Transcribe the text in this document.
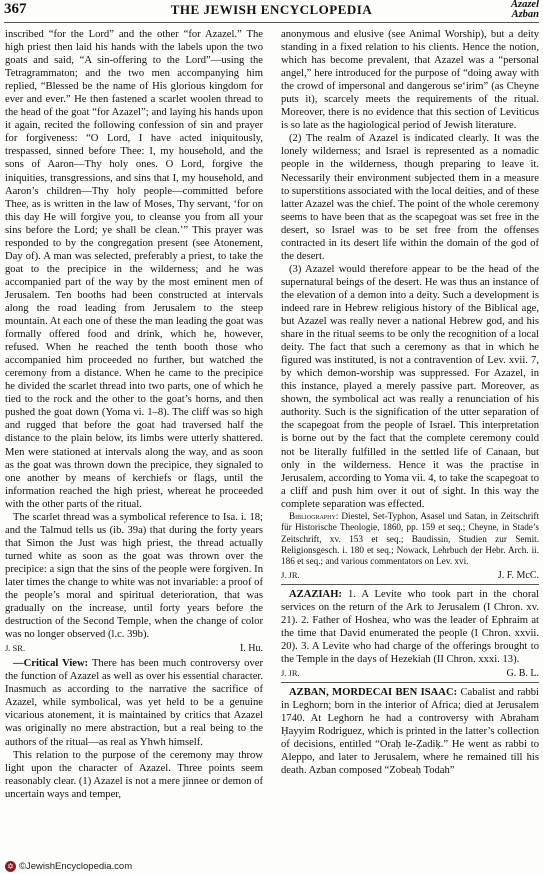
367	THE JEWISH ENCYCLOPEDIA	Azazel
Azban

inscribed “for the Lord” and the other “for Azazel.” The high priest then laid his hands with the labels upon the two goats and said, “A sin-offering to the Lord”—using the Tetragrammaton; and the two men accompanying him replied, “Blessed be the name of His glorious kingdom for ever and ever.” He then fastened a scarlet woolen thread to the head of the goat “for Azazel”; and laying his hands upon it again, recited the following confession of sin and prayer for forgiveness: “O Lord, I have acted iniquitously, trespassed, sinned before Thee: I, my household, and the sons of Aaron—Thy holy ones. O Lord, forgive the iniquities, transgressions, and sins that I, my household, and Aaron’s children—Thy holy people—committed before Thee, as is written in the law of Moses, Thy servant, ‘for on this day He will forgive you, to cleanse you from all your sins before the Lord; ye shall be clean.’” This prayer was responded to by the congregation present (see Atonement, Day of). A man was selected, preferably a priest, to take the goat to the precipice in the wilderness; and he was accompanied part of the way by the most eminent men of Jerusalem. Ten booths had been constructed at intervals along the road leading from Jerusalem to the steep mountain. At each one of these the man leading the goat was formally offered food and drink, which he, however, refused. When he reached the tenth booth those who accompanied him proceeded no further, but watched the ceremony from a distance. When he came to the precipice he divided the scarlet thread into two parts, one of which he tied to the rock and the other to the goat’s horns, and then pushed the goat down (Yoma vi. 1–8). The cliff was so high and rugged that before the goat had traversed half the distance to the plain below, its limbs were utterly shattered. Men were stationed at intervals along the way, and as soon as the goat was thrown down the precipice, they signaled to one another by means of kerchiefs or flags, until the information reached the high priest, whereat he proceeded with the other parts of the ritual.

The scarlet thread was a symbolical reference to Isa. i. 18; and the Talmud tells us (ib. 39a) that during the forty years that Simon the Just was high priest, the thread actually turned white as soon as the goat was thrown over the precipice: a sign that the sins of the people were forgiven. In later times the change to white was not invariable: a proof of the people’s moral and spiritual deterioration, that was gradually on the increase, until forty years before the destruction of the Second Temple, when the change of color was no longer observed (l.c. 39b).

J. SR.	I. Hu.

—Critical View: There has been much controversy over the function of Azazel as well as over his essential character. Inasmuch as according to the narrative the sacrifice of Azazel, while symbolical, was yet held to be a genuine vicarious atonement, it is maintained by critics that Azazel was originally no mere abstraction, but a real being to the authors of the ritual—as real as Yhwh himself.

This relation to the purpose of the ceremony may throw light upon the character of Azazel. Three points seem reasonably clear. (1) Azazel is not a mere jinnee or demon of uncertain ways and temper,

anonymous and elusive (see Animal Worship), but a deity standing in a fixed relation to his clients. Hence the notion, which has become prevalent, that Azazel was a “personal angel,” here introduced for the purpose of “doing away with the crowd of impersonal and dangerous se‘irim” (as Cheyne puts it), scarcely meets the requirements of the ritual. Moreover, there is no evidence that this section of Leviticus is so late as the hagiological period of Jewish literature.

(2) The realm of Azazel is indicated clearly. It was the lonely wilderness; and Israel is represented as a nomadic people in the wilderness, though preparing to leave it. Necessarily their environment subjected them in a measure to superstitions associated with the local deities, and of these latter Azazel was the chief. The point of the whole ceremony seems to have been that as the scapegoat was set free in the desert, so Israel was to be set free from the offenses contracted in its desert life within the domain of the god of the desert.

(3) Azazel would therefore appear to be the head of the supernatural beings of the desert. He was thus an instance of the elevation of a demon into a deity. Such a development is indeed rare in Hebrew religious history of the Biblical age, but Azazel was really never a national Hebrew god, and his share in the ritual seems to be only the recognition of a local deity. The fact that such a ceremony as that in which he figured was instituted, is not a contravention of Lev. xvii. 7, by which demon-worship was suppressed. For Azazel, in this instance, played a merely passive part. Moreover, as shown, the symbolical act was really a renunciation of his authority. Such is the signification of the utter separation of the scapegoat from the people of Israel. This interpretation is borne out by the fact that the complete ceremony could not be literally fulfilled in the settled life of Canaan, but only in the wilderness. Hence it was the practise in Jerusalem, according to Yoma vii. 4, to take the scapegoat to a cliff and push him over it out of sight. In this way the complete separation was effected.

Bibliography: Diestel, Set-Typhon, Asasel und Satan, in Zeitschrift für Historische Theologie, 1860, pp. 159 et seq.; Cheyne, in Stade’s Zeitschrift, xv. 153 et seq.; Baudissin, Studien zur Semit. Religionsgesch. i. 180 et seq.; Nowack, Lehrbuch der Hebr. Arch. ii. 186 et seq.; and various commentators on Lev. xvi.

J. JR.	J. F. McC.

AZAZIAH: 1. A Levite who took part in the choral services on the return of the Ark to Jerusalem (I Chron. xv. 21). 2. Father of Hoshea, who was the leader of Ephraim at the time that David enumerated the people (I Chron. xxvii. 20). 3. A Levite who had charge of the offerings brought to the Temple in the days of Hezekiah (II Chron. xxxi. 13).

J. JR.	G. B. L.

AZBAN, MORDECAI BEN ISAAC: Cabalist and rabbi in Leghorn; born in the interior of Africa; died at Jerusalem 1740. At Leghorn he had a controversy with Abraham Ḥayyim Rodriguez, which is printed in the latter’s collection of decisions, entitled “Oraḥ le-Ẓadiḳ.” He went as rabbi to Aleppo, and later to Jerusalem, where he remained till his death. Azban composed “Zobeaḥ Todah”

✡ ©JewishEncyclopedia.com
